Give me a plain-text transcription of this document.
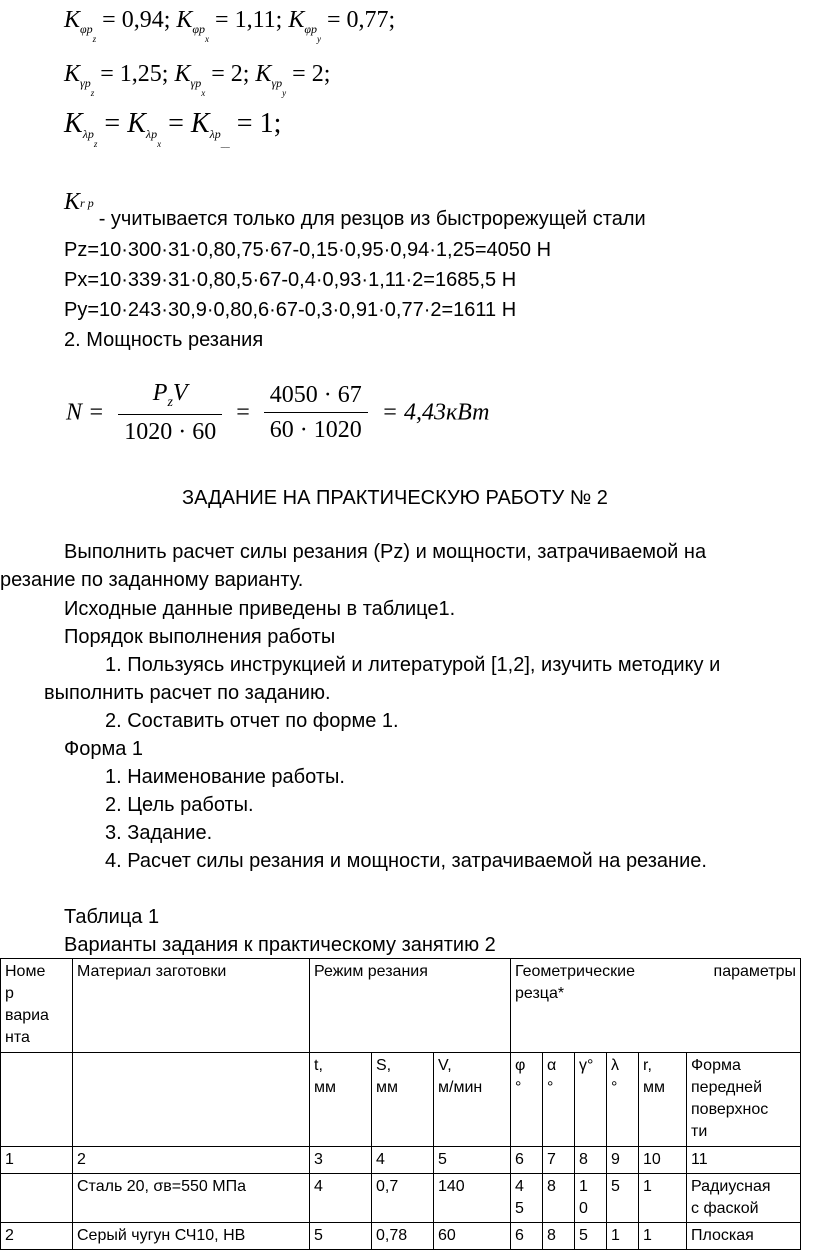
$K_{\varphi р_z} = 0,94$; $K_{\varphi р_x} = 1,11$; $K_{\varphi р_y} = 0,77$;
$K_{\gamma р_z} = 1,25$; $K_{\gamma р_x} = 2$; $K_{\gamma р_y} = 2$;
$K_{\lambda р_z} = K_{\lambda р_x} = K_{\lambda р_{\_\_}} = 1$;
Kr р - учитывается только для резцов из быстрорежущей стали
Pz=10·300·31·0,80,75·67-0,15·0,95·0,94·1,25=4050 Н
Px=10·339·31·0,80,5·67-0,4·0,93·1,11·2=1685,5 Н
Py=10·243·30,9·0,80,6·67-0,3·0,91·0,77·2=1611 Н
2. Мощность резания
$N = \frac{P_zV}{1020 \cdot 60} = \frac{4050 \cdot 67}{60 \cdot 1020} = 4,43кВт$
ЗАДАНИЕ НА ПРАКТИЧЕСКУЮ РАБОТУ № 2
Выполнить расчет силы резания (Pz) и мощности, затрачиваемой на
резание по заданному варианту.
Исходные данные приведены в таблице1.
Порядок выполнения работы
1. Пользуясь инструкцией и литературой [1,2], изучить методику и
выполнить расчет по заданию.
2. Составить отчет по форме 1.
Форма 1
1. Наименование работы.
2. Цель работы.
3. Задание.
4. Расчет силы резания и мощности, затрачиваемой на резание.
Таблица 1
Варианты задания к практическому занятию 2
Номе
р
вариа
нта	Материал заготовки	Режим резания			Геометрические параметры
резца*					
		t,
мм	S,
мм	V,
м/мин	φ
°	α
°	γ°	λ
°	r,
мм	Форма
передней
поверхнос
ти
1	2	3	4	5	6	7	8	9	10	11
	Сталь 20, σв=550 МПа	4	0,7	140	4
5	8	1
0	5	1	Радиусная
с фаской
2	Серый чугун СЧ10, НВ	5	0,78	60	6	8	5	1	1	Плоская
